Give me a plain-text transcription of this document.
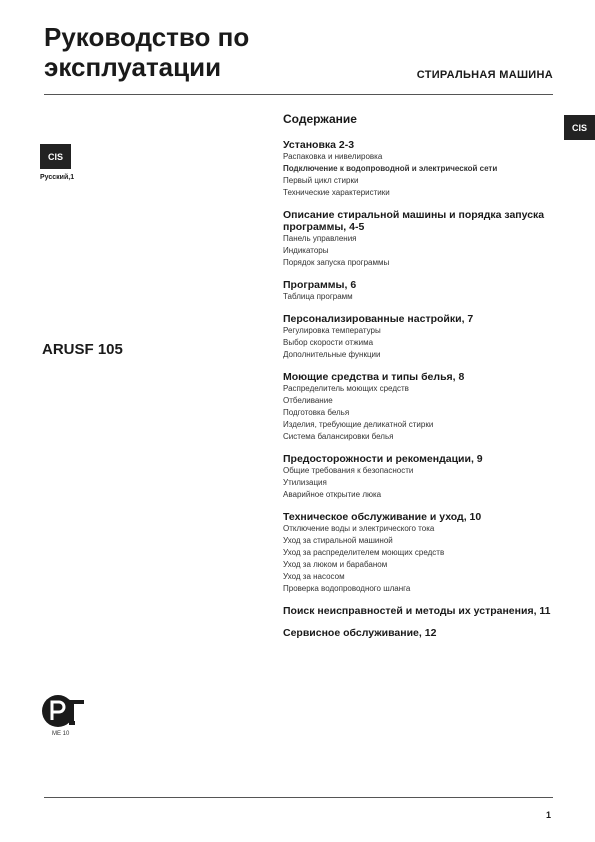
Руководство по
эксплуатации	СТИРАЛЬНАЯ МАШИНА
CIS
CIS
Русский,1
ARUSF 105
Содержание
Установка 2-3
Распаковка и нивелировка
Подключение к водопроводной и электрической сети
Первый цикл стирки
Технические характеристики
Описание стиральной машины и порядка запуска программы, 4-5
Панель управления
Индикаторы
Порядок запуска программы
Программы, 6
Таблица программ
Персонализированные настройки, 7
Регулировка температуры
Выбор скорости отжима
Дополнительные функции
Моющие средства и типы белья, 8
Распределитель моющих средств
Отбеливание
Подготовка белья
Изделия, требующие деликатной стирки
Система балансировки белья
Предосторожности и рекомендации, 9
Общие требования к безопасности
Утилизация
Аварийное открытие люка
Техническое обслуживание и уход, 10
Отключение воды и электрического тока
Уход за стиральной машиной
Уход за распределителем моющих средств
Уход за люком и барабаном
Уход за насосом
Проверка водопроводного шланга
Поиск неисправностей и методы их устранения, 11
Сервисное обслуживание, 12
ME 10
1
